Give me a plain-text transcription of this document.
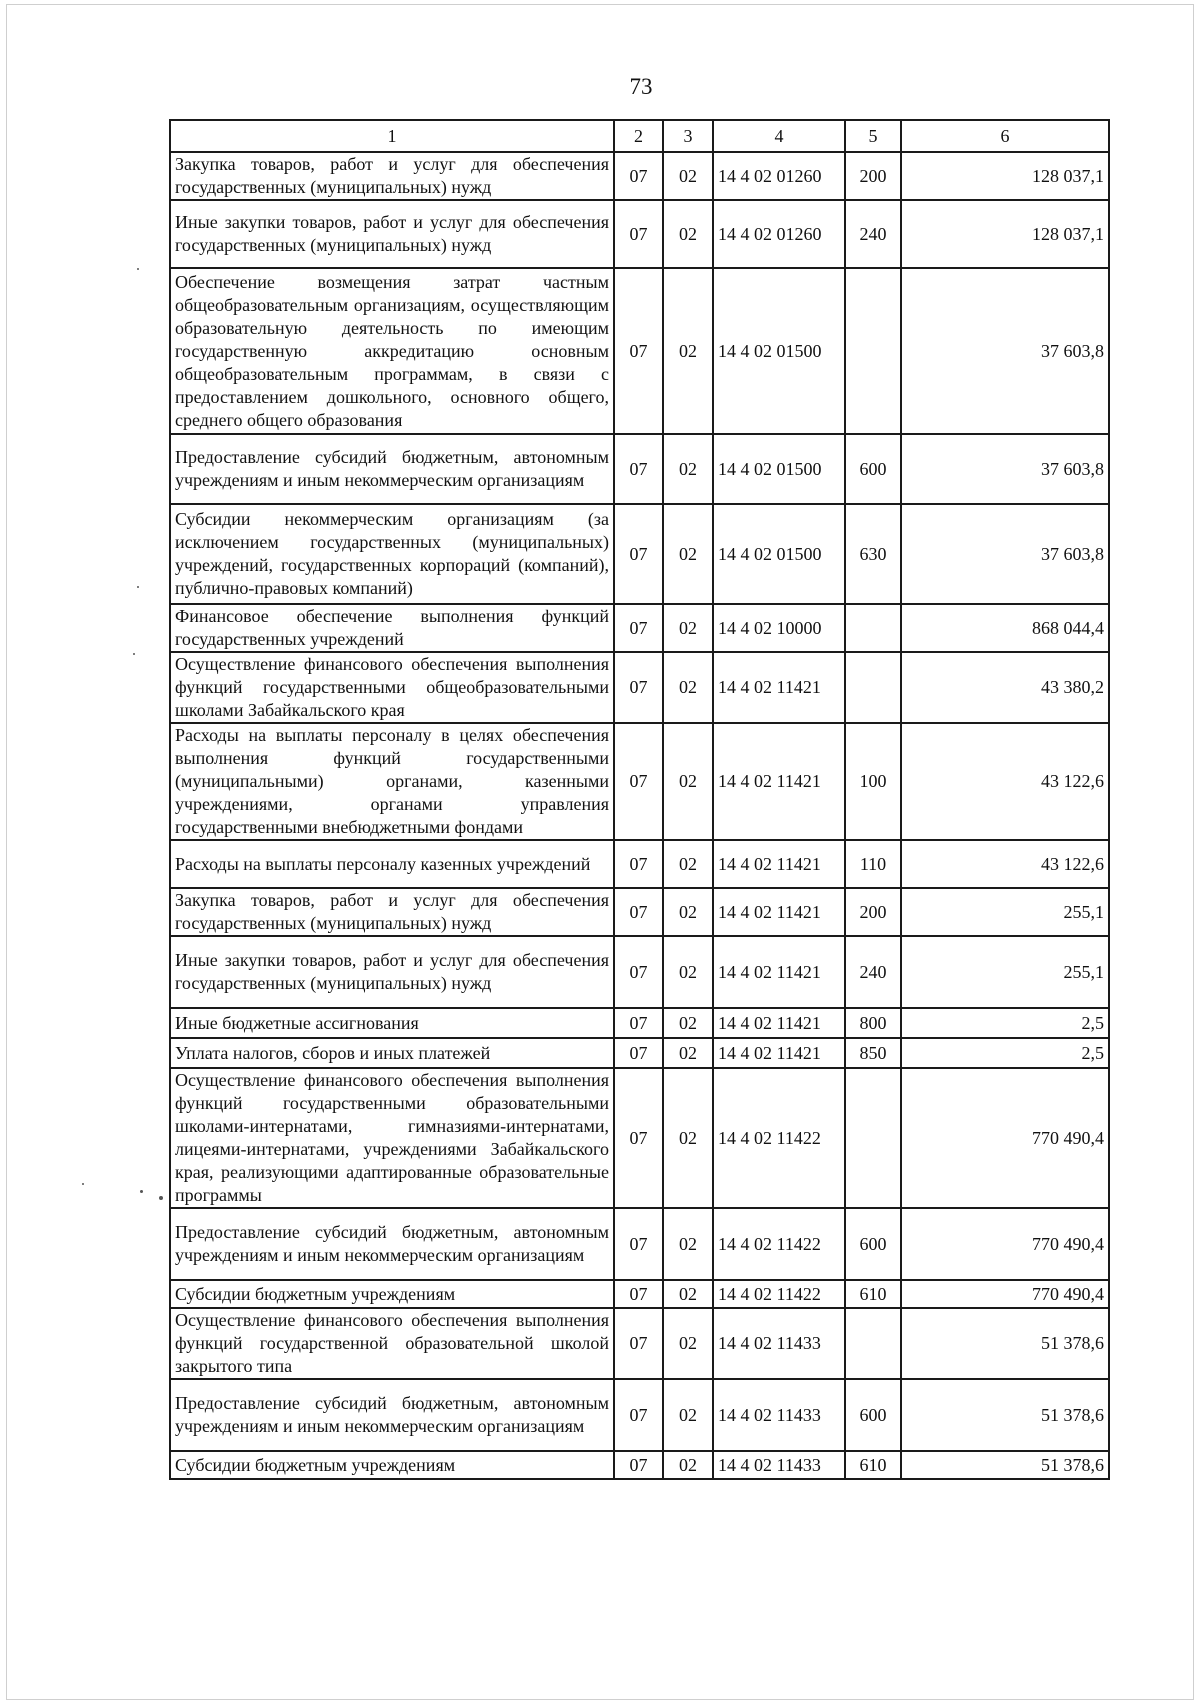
73
1	2	3	4	5	6
Закупка товаров, работ и услуг для обеспечения государственных (муниципальных) нужд	07	02	14 4 02 01260	200	128 037,1
Иные закупки товаров, работ и услуг для обеспечения государственных (муниципальных) нужд	07	02	14 4 02 01260	240	128 037,1
Обеспечение возмещения затрат частным общеобразовательным организациям, осуществляющим образовательную деятельность по имеющим государственную аккредитацию основным общеобразовательным программам, в связи с предоставлением дошкольного, основного общего, среднего общего образования	07	02	14 4 02 01500		37 603,8
Предоставление субсидий бюджетным, автономным учреждениям и иным некоммерческим организациям	07	02	14 4 02 01500	600	37 603,8
Субсидии некоммерческим организациям (за исключением государственных (муниципальных) учреждений, государственных корпораций (компаний), публично-правовых компаний)	07	02	14 4 02 01500	630	37 603,8
Финансовое обеспечение выполнения функций государственных учреждений	07	02	14 4 02 10000		868 044,4
Осуществление финансового обеспечения выполнения функций государственными общеобразовательными школами Забайкальского края	07	02	14 4 02 11421		43 380,2
Расходы на выплаты персоналу в целях обеспечения выполнения функций государственными (муниципальными) органами, казенными учреждениями, органами управления государственными внебюджетными фондами	07	02	14 4 02 11421	100	43 122,6
Расходы на выплаты персоналу казенных учреждений	07	02	14 4 02 11421	110	43 122,6
Закупка товаров, работ и услуг для обеспечения государственных (муниципальных) нужд	07	02	14 4 02 11421	200	255,1
Иные закупки товаров, работ и услуг для обеспечения государственных (муниципальных) нужд	07	02	14 4 02 11421	240	255,1
Иные бюджетные ассигнования	07	02	14 4 02 11421	800	2,5
Уплата налогов, сборов и иных платежей	07	02	14 4 02 11421	850	2,5
Осуществление финансового обеспечения выполнения функций государственными образовательными школами-интернатами, гимназиями-интернатами, лицеями-интернатами, учреждениями Забайкальского края, реализующими адаптированные образовательные программы	07	02	14 4 02 11422		770 490,4
Предоставление субсидий бюджетным, автономным учреждениям и иным некоммерческим организациям	07	02	14 4 02 11422	600	770 490,4
Субсидии бюджетным учреждениям	07	02	14 4 02 11422	610	770 490,4
Осуществление финансового обеспечения выполнения функций государственной образовательной школой закрытого типа	07	02	14 4 02 11433		51 378,6
Предоставление субсидий бюджетным, автономным учреждениям и иным некоммерческим организациям	07	02	14 4 02 11433	600	51 378,6
Субсидии бюджетным учреждениям	07	02	14 4 02 11433	610	51 378,6
